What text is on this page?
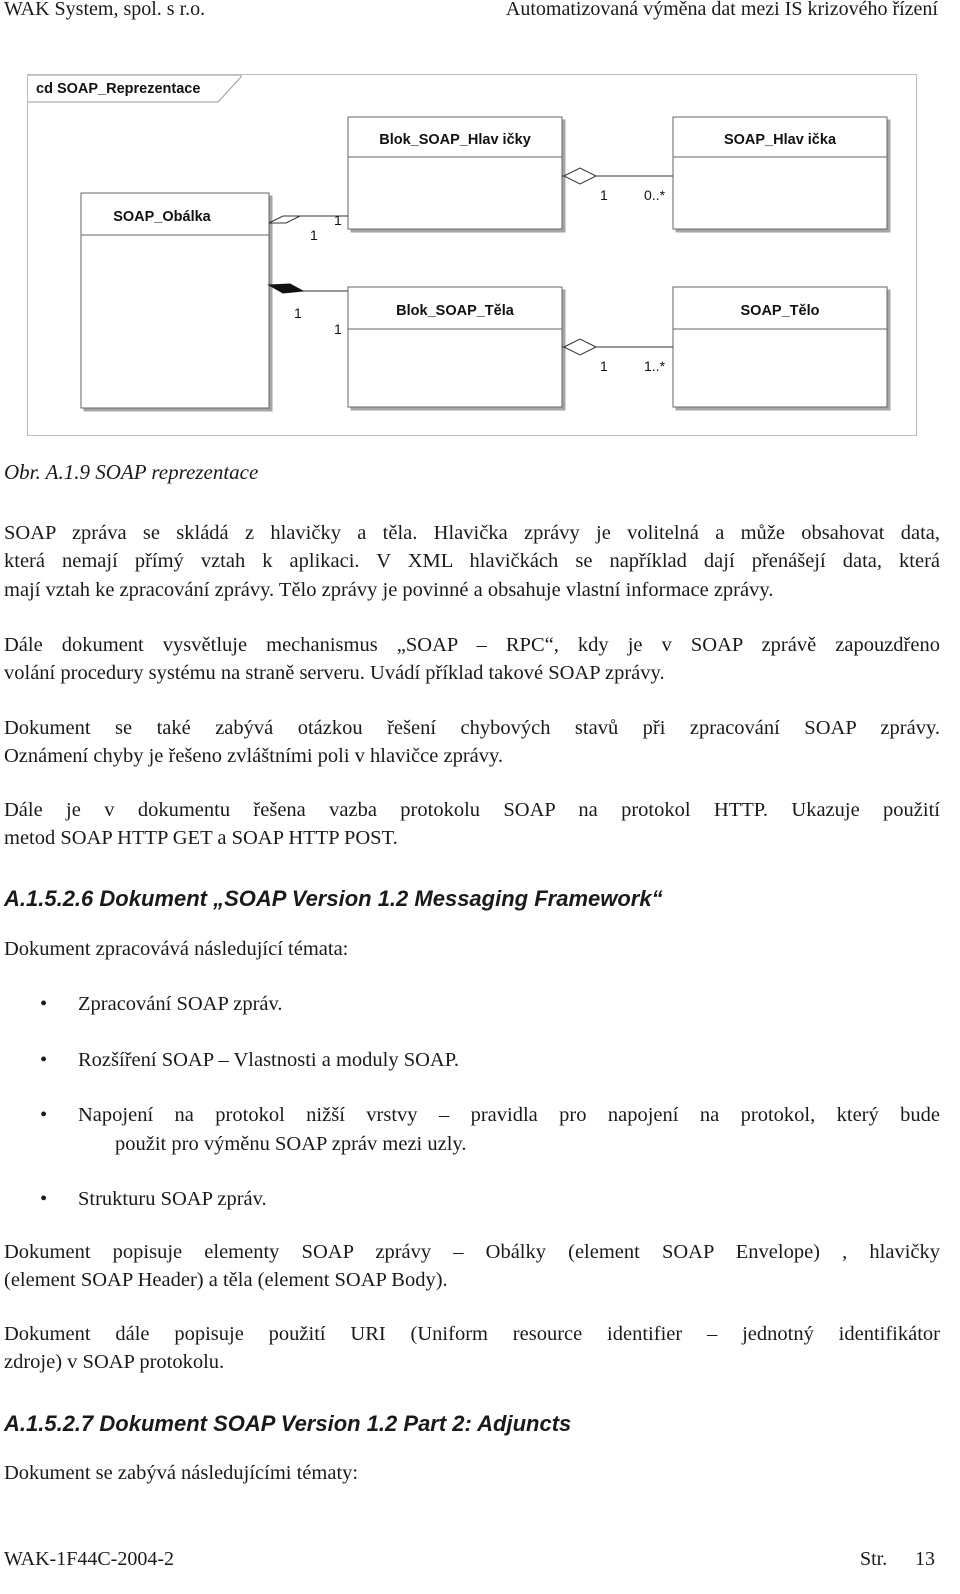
WAK System, spol. s r.o.	Automatizovaná výměna dat mezi IS krizového řízení
cd SOAP_Reprezentace
SOAP_Obálka
Blok_SOAP_Hlav ičky	SOAP_Hlav ička
Blok_SOAP_Těla	SOAP_Tělo
1
1
1
1
1	0..*
1	1..*
Obr. A.1.9 SOAP reprezentace

SOAP zpráva se skládá z hlavičky a těla. Hlavička zprávy je volitelná a může obsahovat data,

která nemají přímý vztah k aplikaci. V XML hlavičkách se například dají přenášejí data, která

mají vztah ke zpracování zprávy. Tělo zprávy je povinné a obsahuje vlastní informace zprávy.

Dále dokument vysvětluje mechanismus „SOAP – RPC“, kdy je v SOAP zprávě zapouzdřeno

volání procedury systému na straně serveru. Uvádí příklad takové SOAP zprávy.

Dokument se také zabývá otázkou řešení chybových stavů při zpracování SOAP zprávy.

Oznámení chyby je řešeno zvláštními poli v hlavičce zprávy.

Dále je v dokumentu řešena vazba protokolu SOAP na protokol HTTP. Ukazuje použití

metod SOAP HTTP GET a SOAP HTTP POST.

A.1.5.2.6 Dokument „SOAP Version 1.2 Messaging Framework“

Dokument zpracovává následující témata:

• Zpracování SOAP zpráv.

• Rozšíření SOAP – Vlastnosti a moduly SOAP.

• Napojení na protokol nižší vrstvy – pravidla pro napojení na protokol, který bude

použit pro výměnu SOAP zpráv mezi uzly.

• Strukturu SOAP zpráv.

Dokument popisuje elementy SOAP zprávy – Obálky (element SOAP Envelope) , hlavičky

(element SOAP Header) a těla (element SOAP Body).

Dokument dále popisuje použití URI (Uniform resource identifier – jednotný identifikátor

zdroje) v SOAP protokolu.

A.1.5.2.7 Dokument SOAP Version 1.2 Part 2: Adjuncts

Dokument se zabývá následujícími tématy:

WAK-1F44C-2004-2	Str. 13
